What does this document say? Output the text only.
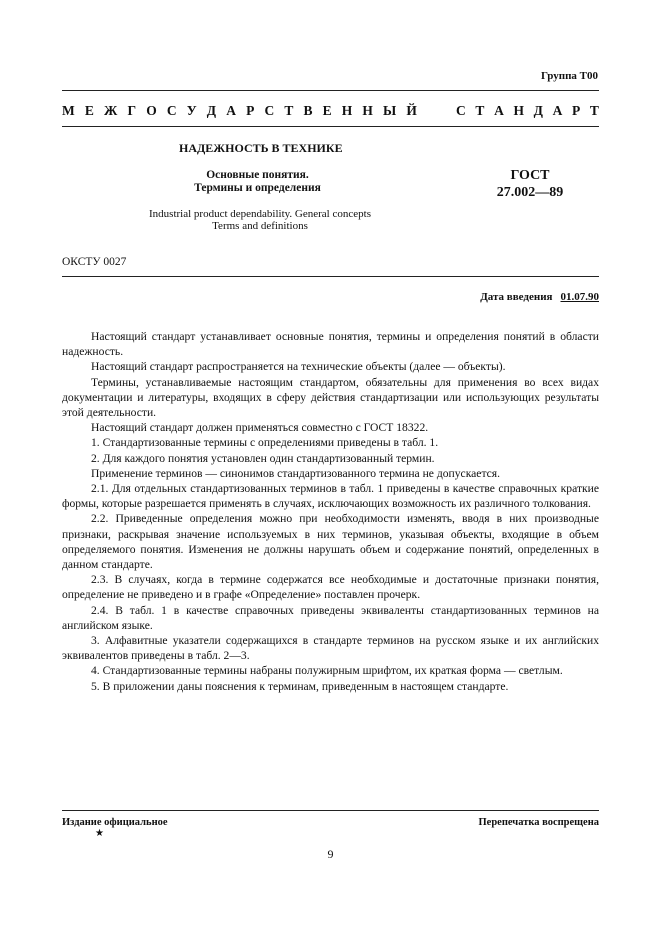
Группа Т00
М Е Ж Г О С У Д А Р С Т В Е Н Н Ы Й	С Т А Н Д А Р Т
НАДЕЖНОСТЬ В ТЕХНИКЕ
Основные понятия.
Термины и определения
ГОСТ
27.002—89
Industrial product dependability. General concepts
Terms and definitions
ОКСТУ 0027
Дата введения 01.07.90

Настоящий стандарт устанавливает основные понятия, термины и определения понятий в области надежность.

Настоящий стандарт распространяется на технические объекты (далее — объекты).

Термины, устанавливаемые настоящим стандартом, обязательны для применения во всех видах документации и литературы, входящих в сферу действия стандартизации или использующих результаты этой деятельности.

Настоящий стандарт должен применяться совместно с ГОСТ 18322.

1. Стандартизованные термины с определениями приведены в табл. 1.

2. Для каждого понятия установлен один стандартизованный термин.

Применение терминов — синонимов стандартизованного термина не допускается.

2.1. Для отдельных стандартизованных терминов в табл. 1 приведены в качестве справочных краткие формы, которые разрешается применять в случаях, исключающих возможность их различного толкования.

2.2. Приведенные определения можно при необходимости изменять, вводя в них производные признаки, раскрывая значение используемых в них терминов, указывая объекты, входящие в объем определяемого понятия. Изменения не должны нарушать объем и содержание понятий, определенных в данном стандарте.

2.3. В случаях, когда в термине содержатся все необходимые и достаточные признаки понятия, определение не приведено и в графе «Определение» поставлен прочерк.

2.4. В табл. 1 в качестве справочных приведены эквиваленты стандартизованных терминов на английском языке.

3. Алфавитные указатели содержащихся в стандарте терминов на русском языке и их английских эквивалентов приведены в табл. 2—3.

4. Стандартизованные термины набраны полужирным шрифтом, их краткая форма — светлым.

5. В приложении даны пояснения к терминам, приведенным в настоящем стандарте.

Издание официальное
★
Перепечатка воспрещена
9
